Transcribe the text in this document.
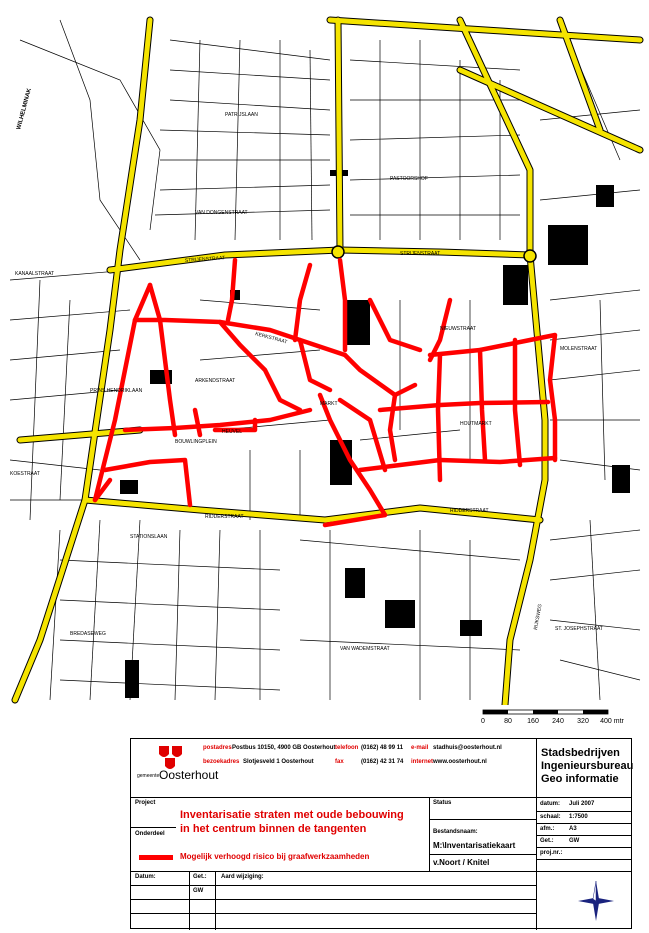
WILHELMINAK
STRIJENSTRAAT
STRIJENSTRAAT
KANAALSTRAAT
ARKENDSTRAAT
KERKSTRAAT
HEUVEL
BOUWLINGPLEIN
MARKT
NIEUWSTRAAT
MOLENSTRAAT
RIDDERSTRAAT
RIDDERSTRAAT
RIJKSWEG
PATRIJSLAAN
PASTOORSHOF
VAN DONGENSTRAAT
PRINS HENDRIKLAAN
KOESTRAAT
STATIONSLAAN
ST. JOSEPHSTRAAT
HOUTMARKT
VAN WADEMSTRAAT
BREDASEWEG
0	80 160 240 320 400 mtr
gemeente Oosterhout
postadres Postbus 10150, 4900 GB Oosterhout
bezoekadres Slotjesveld 1 Oosterhout
telefoon (0162) 48 99 11
fax	(0162) 42 31 74
e-mail stadhuis@oosterhout.nl
internet www.oosterhout.nl
Stadsbedrijven
Ingenieursbureau
Geo informatie
Project
Onderdeel
Inventarisatie straten met oude bebouwing
in het centrum binnen de tangenten
Mogelijk verhoogd risico bij graafwerkzaamheden
Status
Bestandsnaam:
M:\Inventarisatiekaart
v.Noort / Knitel
datum: Juli 2007
schaal: 1:7500
afm.: A3
Get.:	GW
proj.nr.:
Datum:	Get.: Aard wijziging:
GW
